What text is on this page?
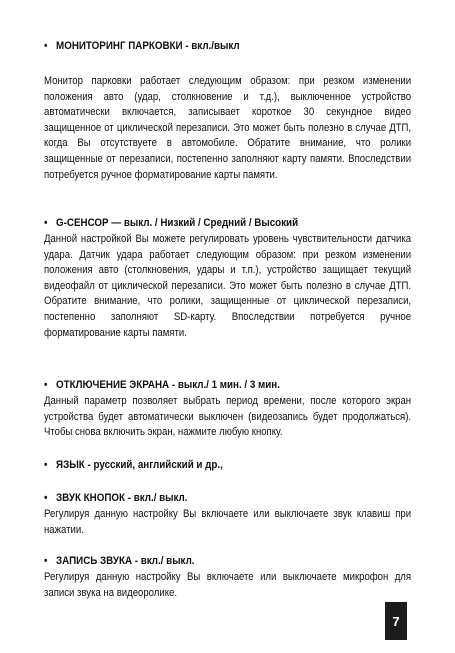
• МОНИТОРИНГ ПАРКОВКИ - вкл./выкл
Монитор парковки работает следующим образом: при резком изменении положения авто (удар, столкновение и т.д.), выключенное устройство автоматически включается, записывает короткое 30 секундное видео защищенное от циклической перезаписи. Это может быть полезно в случае ДТП, когда Вы отсутствуете в автомобиле. Обратите внимание, что ролики защищенные от перезаписи, постепенно заполняют карту памяти. Впоследствии потребуется ручное форматирование карты памяти.
• G-СЕНСОР — выкл. / Низкий / Средний / Высокий
Данной настройкой Вы можете регулировать уровень чувствительности датчика удара. Датчик удара работает следующим образом: при резком изменении положения авто (столкновения, удары и т.п.), устройство защищает текущий видеофайл от циклической перезаписи. Это может быть полезно в случае ДТП. Обратите внимание, что ролики, защищенные от циклической перезаписи, постепенно заполняют SD-карту. Впоследствии потребуется ручное форматирование карты памяти.
• ОТКЛЮЧЕНИЕ ЭКРАНА - выкл./ 1 мин. / 3 мин.
Данный параметр позволяет выбрать период времени, после которого экран устройства будет автоматически выключен (видеозапись будет продолжаться). Чтобы снова включить экран, нажмите любую кнопку.
• ЯЗЫК - русский, английский и др.,
• ЗВУК КНОПОК - вкл./ выкл.
Регулируя данную настройку Вы включаете или выключаете звук клавиш при нажатии.
• ЗАПИСЬ ЗВУКА - вкл./ выкл.
Регулируя данную настройку Вы включаете или выключаете микрофон для записи звука на видеоролике.
7
